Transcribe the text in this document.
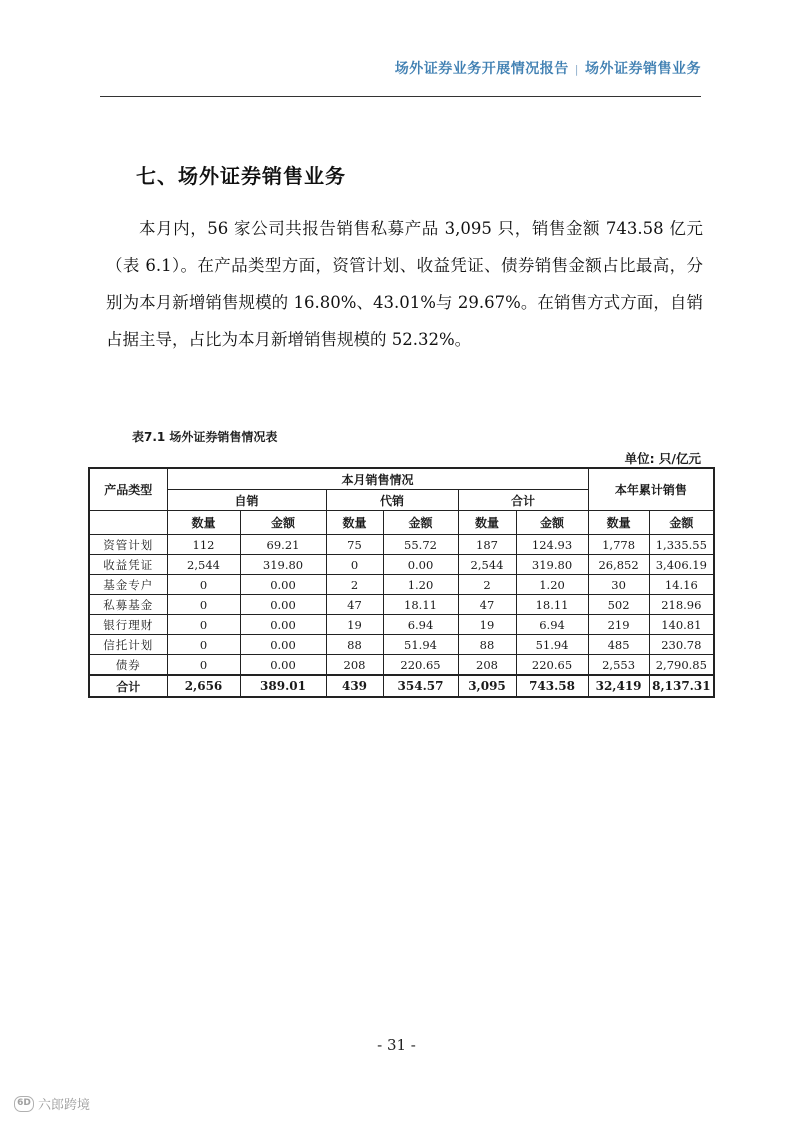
场外证券业务开展情况报告 | 场外证券销售业务
七、场外证券销售业务

本月内，56 家公司共报告销售私募产品 3,095 只，销售金额 743.58 亿元（表 6.1）。在产品类型方面，资管计划、收益凭证、债券销售金额占比最高，分别为本月新增销售规模的 16.80%、43.01%与 29.67%。在销售方式方面，自销占据主导，占比为本月新增销售规模的 52.32%。

表7.1 场外证券销售情况表
单位: 只/亿元
产品类型	本月销售情况						本年累计销售	
	自销		代销		合计			
	数量	金额	数量	金额	数量	金额	数量	金额
资管计划	112	69.21	75	55.72	187	124.93	1,778	1,335.55
收益凭证	2,544	319.80	0	0.00	2,544	319.80	26,852	3,406.19
基金专户	0	0.00	2	1.20	2	1.20	30	14.16
私募基金	0	0.00	47	18.11	47	18.11	502	218.96
银行理财	0	0.00	19	6.94	19	6.94	219	140.81
信托计划	0	0.00	88	51.94	88	51.94	485	230.78
债券	0	0.00	208	220.65	208	220.65	2,553	2,790.85
合计	2,656	389.01	439	354.57	3,095	743.58	32,419	8,137.31
- 31 -
6D 六郎跨境
